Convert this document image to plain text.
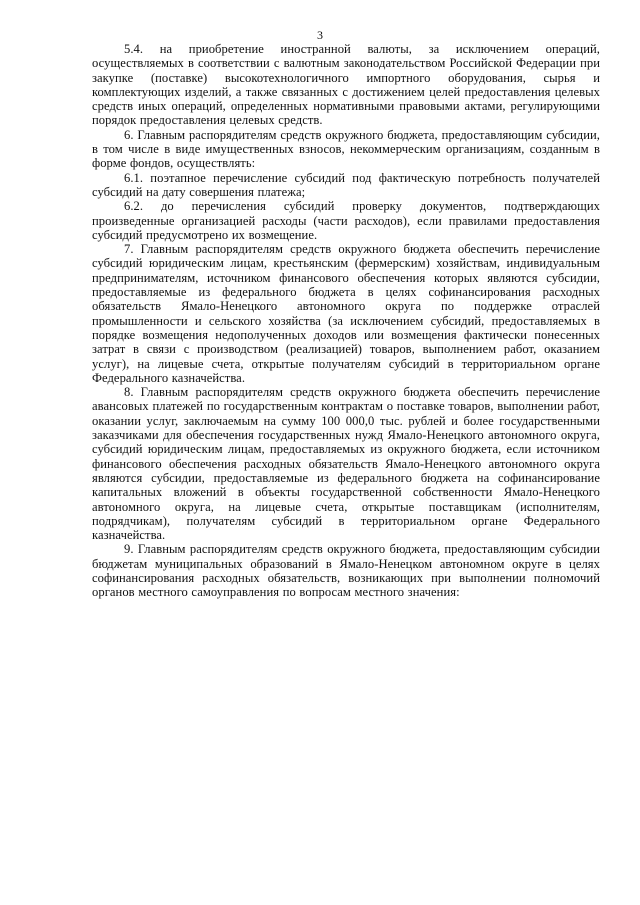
3

5.4. на приобретение иностранной валюты, за исключением операций, осуществляемых в соответствии с валютным законодательством Российской Федерации при закупке (поставке) высокотехнологичного импортного оборудования, сырья и комплектующих изделий, а также связанных с достижением целей предоставления целевых средств иных операций, определенных нормативными правовыми актами, регулирующими порядок предоставления целевых средств.

6. Главным распорядителям средств окружного бюджета, предоставляющим субсидии, в том числе в виде имущественных взносов, некоммерческим организациям, созданным в форме фондов, осуществлять:

6.1. поэтапное перечисление субсидий под фактическую потребность получателей субсидий на дату совершения платежа;

6.2. до перечисления субсидий проверку документов, подтверждающих произведенные организацией расходы (части расходов), если правилами предоставления субсидий предусмотрено их возмещение.

7. Главным распорядителям средств окружного бюджета обеспечить перечисление субсидий юридическим лицам, крестьянским (фермерским) хозяйствам, индивидуальным предпринимателям, источником финансового обеспечения которых являются субсидии, предоставляемые из федерального бюджета в целях софинансирования расходных обязательств Ямало-Ненецкого автономного округа по поддержке отраслей промышленности и сельского хозяйства (за исключением субсидий, предоставляемых в порядке возмещения недополученных доходов или возмещения фактически понесенных затрат в связи с производством (реализацией) товаров, выполнением работ, оказанием услуг), на лицевые счета, открытые получателям субсидий в территориальном органе Федерального казначейства.

8. Главным распорядителям средств окружного бюджета обеспечить перечисление авансовых платежей по государственным контрактам о поставке товаров, выполнении работ, оказании услуг, заключаемым на сумму 100 000,0 тыс. рублей и более государственными заказчиками для обеспечения государственных нужд Ямало-Ненецкого автономного округа, субсидий юридическим лицам, предоставляемых из окружного бюджета, если источником финансового обеспечения расходных обязательств Ямало-Ненецкого автономного округа являются субсидии, предоставляемые из федерального бюджета на софинансирование капитальных вложений в объекты государственной собственности Ямало-Ненецкого автономного округа, на лицевые счета, открытые поставщикам (исполнителям, подрядчикам), получателям субсидий в территориальном органе Федерального казначейства.

9. Главным распорядителям средств окружного бюджета, предоставляющим субсидии бюджетам муниципальных образований в Ямало-Ненецком автономном округе в целях софинансирования расходных обязательств, возникающих при выполнении полномочий органов местного самоуправления по вопросам местного значения:
